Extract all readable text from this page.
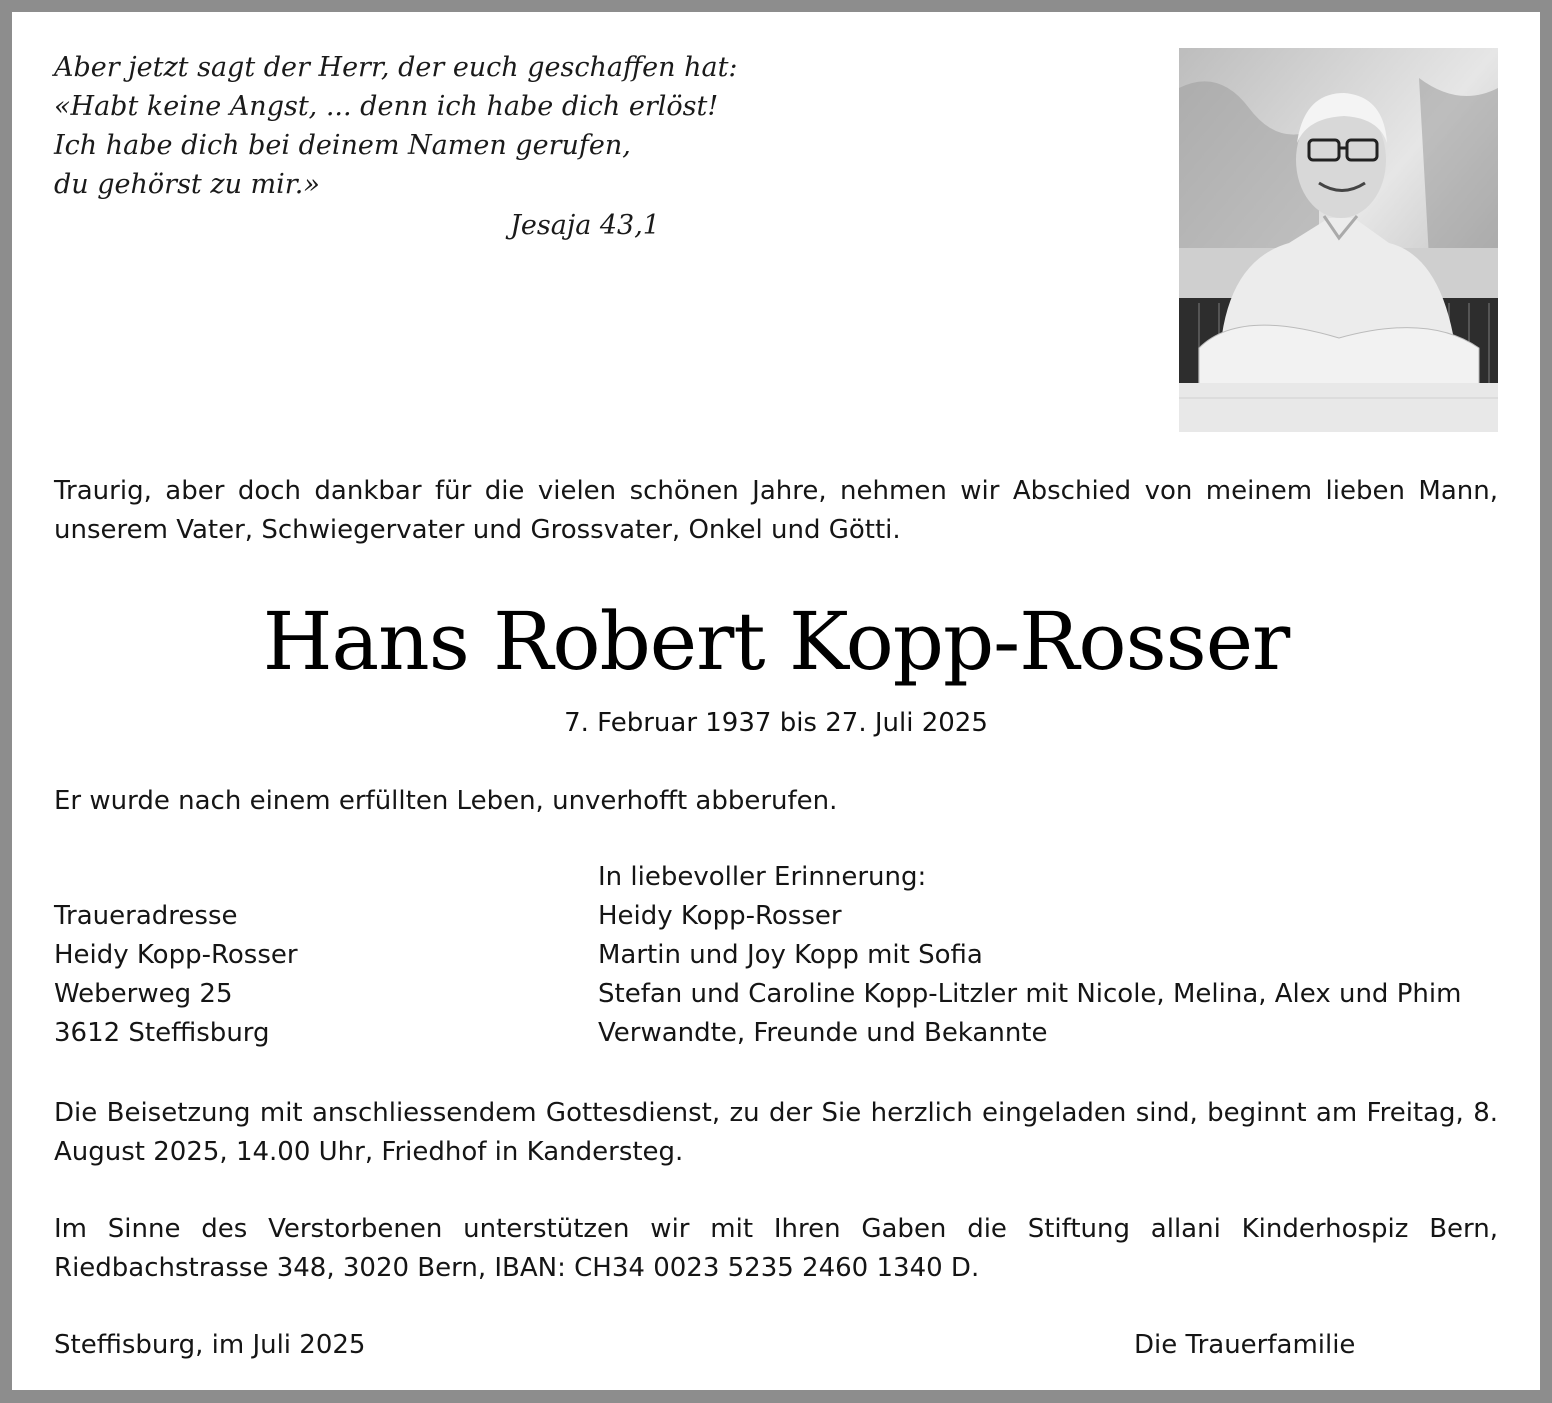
Aber jetzt sagt der Herr, der euch geschaffen hat:
«Habt keine Angst, ... denn ich habe dich erlöst!
Ich habe dich bei deinem Namen gerufen,
du gehörst zu mir.»
Jesaja 43,1
Traurig, aber doch dankbar für die vielen schönen Jahre, nehmen wir Abschied von meinem lieben Mann, unserem Vater, Schwiegervater und Grossvater, Onkel und Götti.
Hans Robert Kopp-Rosser
7. Februar 1937 bis 27. Juli 2025
Er wurde nach einem erfüllten Leben, unverhofft abberufen.
In liebevoller Erinnerung:
Heidy Kopp-Rosser
Martin und Joy Kopp mit Sofia
Stefan und Caroline Kopp-Litzler mit Nicole, Melina, Alex und Phim
Verwandte, Freunde und Bekannte
Traueradresse
Heidy Kopp-Rosser
Weberweg 25
3612 Steffisburg
Die Beisetzung mit anschliessendem Gottesdienst, zu der Sie herzlich eingeladen sind, beginnt am Freitag, 8. August 2025, 14.00 Uhr, Friedhof in Kandersteg.
Im Sinne des Verstorbenen unterstützen wir mit Ihren Gaben die Stiftung allani Kinderhospiz Bern, Riedbachstrasse 348, 3020 Bern, IBAN: CH34 0023 5235 2460 1340 D.
Steffisburg, im Juli 2025	Die Trauerfamilie
